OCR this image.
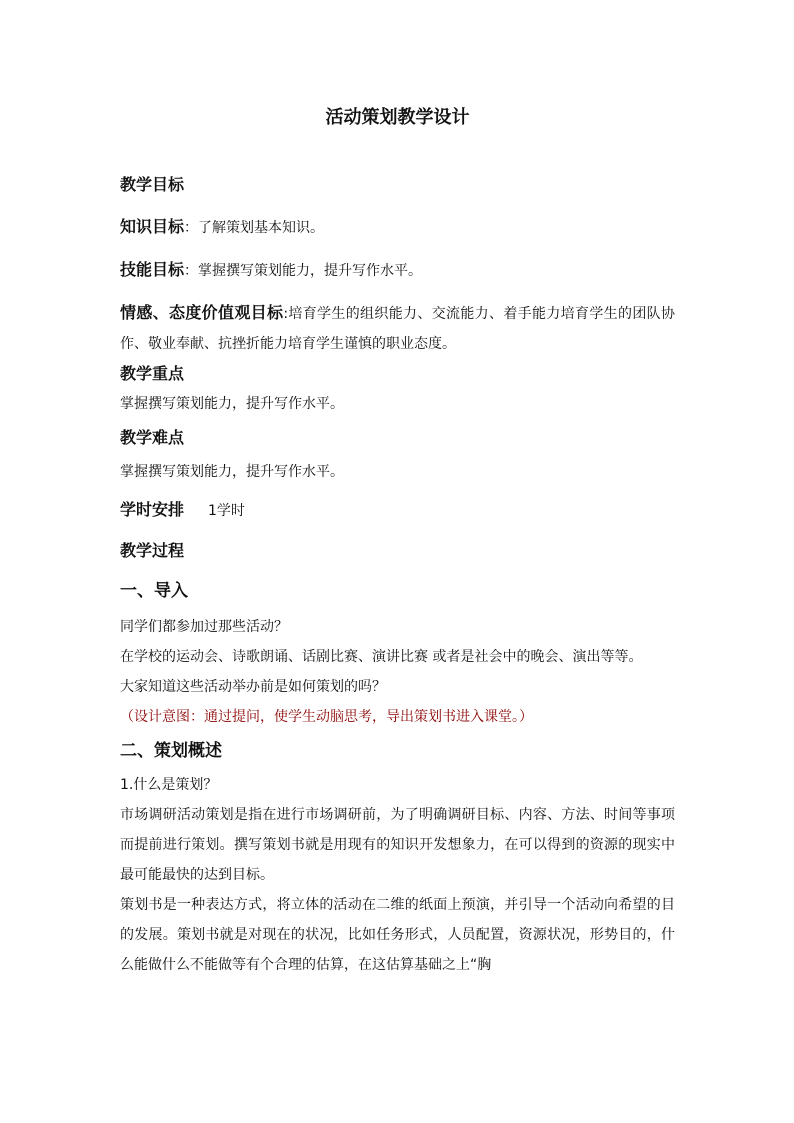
活动策划教学设计
教学目标
知识目标：了解策划基本知识。
技能目标：掌握撰写策划能力，提升写作水平。
情感、态度价值观目标:培育学生的组织能力、交流能力、着手能力培育学生的团队协作、敬业奉献、抗挫折能力培育学生谨慎的职业态度。
教学重点
掌握撰写策划能力，提升写作水平。
教学难点
掌握撰写策划能力，提升写作水平。
学时安排 1学时
教学过程
一、导入
同学们都参加过那些活动？
在学校的运动会、诗歌朗诵、话剧比赛、演讲比赛 或者是社会中的晚会、演出等等。
大家知道这些活动举办前是如何策划的吗？
（设计意图：通过提问，使学生动脑思考，导出策划书进入课堂。）
二、策划概述
1.什么是策划？
市场调研活动策划是指在进行市场调研前，为了明确调研目标、内容、方法、时间等事项而提前进行策划。撰写策划书就是用现有的知识开发想象力，在可以得到的资源的现实中最可能最快的达到目标。
策划书是一种表达方式，将立体的活动在二维的纸面上预演，并引导一个活动向希望的目的发展。策划书就是对现在的状况，比如任务形式，人员配置，资源状况，形势目的，什么能做什么不能做等有个合理的估算，在这估算基础之上“胸
